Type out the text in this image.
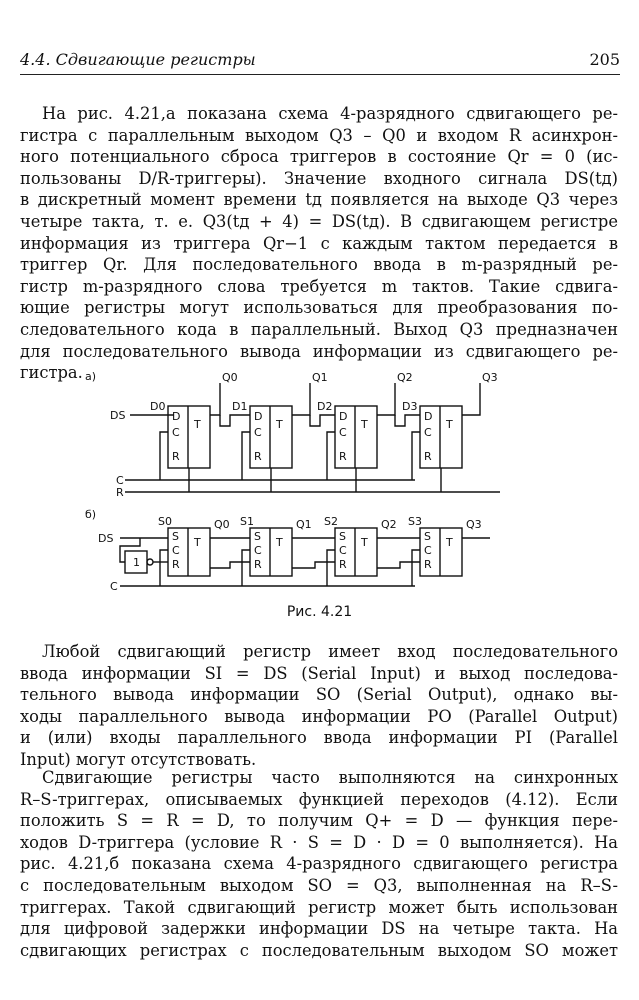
4.4. Сдвигающие регистры	205
На рис. 4.21,а показана схема 4-разрядного сдвигающего ре-
гистра с параллельным выходом Q3 – Q0 и входом R асинхрон-
ного потенциального сброса триггеров в состояние Qr = 0 (ис-
пользованы D/R-триггеры). Значение входного сигнала DS(tд)
в дискретный момент времени tд появляется на выходе Q3 через
четыре такта, т. е. Q3(tд + 4) = DS(tд). В сдвигающем регистре
информация из триггера Qr−1 с каждым тактом передается в
триггер Qr. Для последовательного ввода в m-разрядный ре-
гистр m-разрядного слова требуется m тактов. Такие сдвига-
ющие регистры могут использоваться для преобразования по-
следовательного кода в параллельный. Выход Q3 предназначен
для последовательного вывода информации из сдвигающего ре-
гистра. а)
DS
C
R
D0
D
C
R
T
Q0
D1
D
C
R
T
Q1
D2
D
C
R
T
Q2
D3
D
C
R
T
Q3
б)
DS
C
1
S0
S
C
R
T
Q0 S1
S
C
R
T
Q1 S2
S
C
R
T
Q2 S3
S
C
R
T
Q3
Рис. 4.21
Любой сдвигающий регистр имеет вход последовательного
ввода информации SI = DS (Serial Input) и выход последова-
тельного вывода информации SO (Serial Output), однако вы-
ходы параллельного вывода информации PO (Parallel Output)
и (или) входы параллельного ввода информации PI (Parallel
Input) могут отсутствовать.
Сдвигающие регистры часто выполняются на синхронных
R–S-триггерах, описываемых функцией переходов (4.12). Если
положить S = R = D, то получим Q+ = D — функция пере-
ходов D-триггера (условие R · S = D · D = 0 выполняется). На
рис. 4.21,б показана схема 4-разрядного сдвигающего регистра
с последовательным выходом SO = Q3, выполненная на R–S-
триггерах. Такой сдвигающий регистр может быть использован
для цифровой задержки информации DS на четыре такта. На
сдвигающих регистрах с последовательным выходом SO может
